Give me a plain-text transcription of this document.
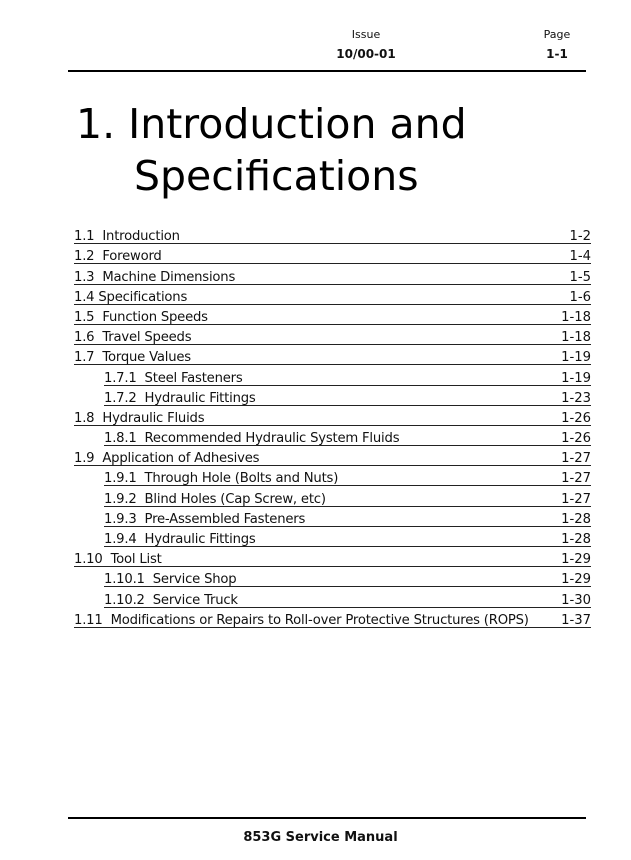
Issue
10/00-01
Page
1-1
1. Introduction and
Specifications
1.1 Introduction	1-2
1.2 Foreword	1-4
1.3 Machine Dimensions	1-5
1.4 Specifications	1-6
1.5 Function Speeds	1-18
1.6 Travel Speeds	1-18
1.7 Torque Values	1-19
1.7.1 Steel Fasteners	1-19
1.7.2 Hydraulic Fittings	1-23
1.8 Hydraulic Fluids	1-26
1.8.1 Recommended Hydraulic System Fluids	1-26
1.9 Application of Adhesives	1-27
1.9.1 Through Hole (Bolts and Nuts)	1-27
1.9.2 Blind Holes (Cap Screw, etc)	1-27
1.9.3 Pre-Assembled Fasteners	1-28
1.9.4 Hydraulic Fittings	1-28
1.10 Tool List	1-29
1.10.1 Service Shop	1-29
1.10.2 Service Truck	1-30
1.11 Modifications or Repairs to Roll-over Protective Structures (ROPS) 1-37
853G Service Manual
